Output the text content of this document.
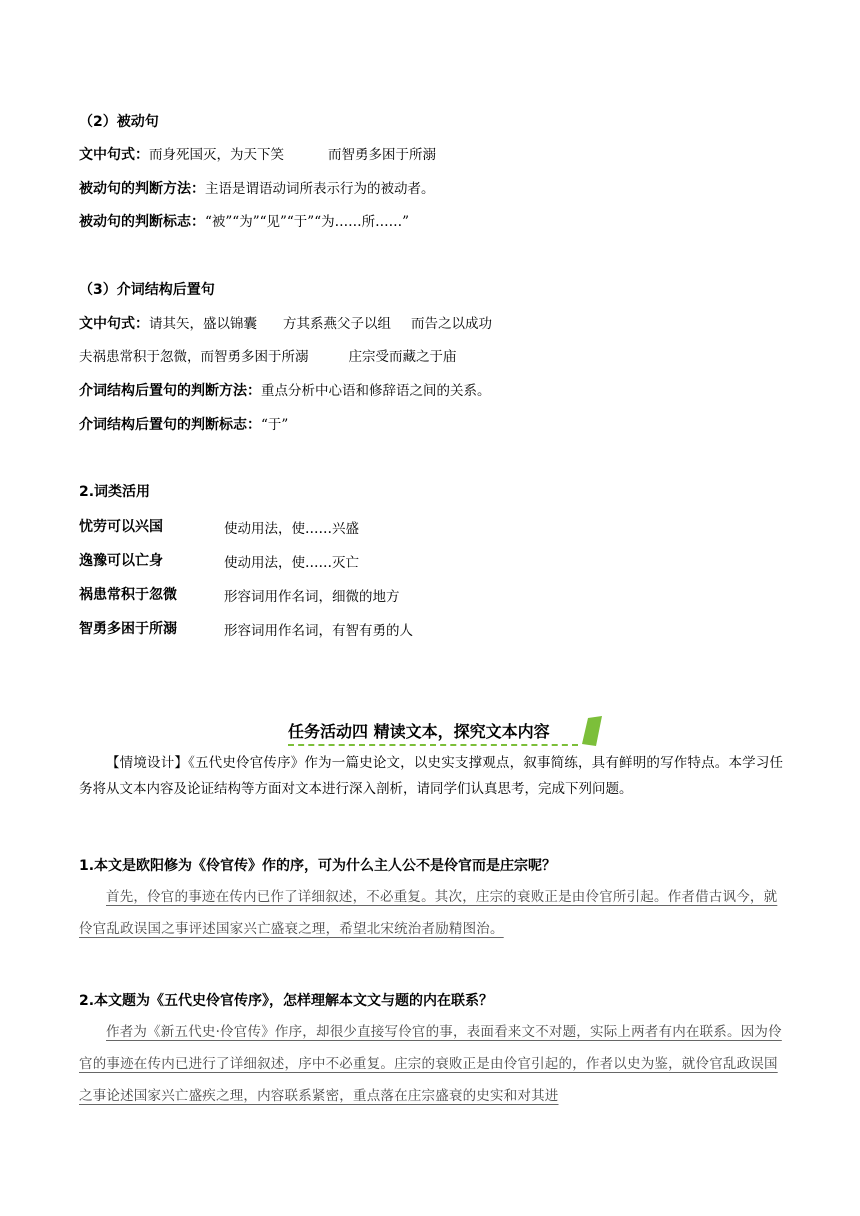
（2）被动句
文中句式：而身死国灭，为天下笑	而智勇多困于所溺
被动句的判断方法：主语是谓语动词所表示行为的被动者。
被动句的判断标志：“被”“为”“见”“于”“为……所……”
（3）介词结构后置句
文中句式：请其矢，盛以锦囊 方其系燕父子以组 而告之以成功
夫祸患常积于忽微，而智勇多困于所溺	庄宗受而藏之于庙
介词结构后置句的判断方法：重点分析中心语和修辞语之间的关系。
介词结构后置句的判断标志：“于”
2.词类活用
忧劳可以兴国	使动用法，使……兴盛
逸豫可以亡身	使动用法，使……灭亡
祸患常积于忽微	形容词用作名词，细微的地方
智勇多困于所溺	形容词用作名词，有智有勇的人
任务活动四 精读文本，探究文本内容
【情境设计】《五代史伶官传序》作为一篇史论文，以史实支撑观点，叙事简练，具有鲜明的写作特点。本学习任务将从文本内容及论证结构等方面对文本进行深入剖析，请同学们认真思考，完成下列问题。
1.本文是欧阳修为《伶官传》作的序，可为什么主人公不是伶官而是庄宗呢？
首先，伶官的事迹在传内已作了详细叙述，不必重复。其次，庄宗的衰败正是由伶官所引起。作者借古讽今，就伶官乱政误国之事评述国家兴亡盛衰之理，希望北宋统治者励精图治。
2.本文题为《五代史伶官传序》，怎样理解本文文与题的内在联系？
作者为《新五代史·伶官传》作序，却很少直接写伶官的事，表面看来文不对题，实际上两者有内在联系。因为伶官的事迹在传内已进行了详细叙述，序中不必重复。庄宗的衰败正是由伶官引起的，作者以史为鉴，就伶官乱政误国之事论述国家兴亡盛疾之理，内容联系紧密，重点落在庄宗盛衰的史实和对其进
